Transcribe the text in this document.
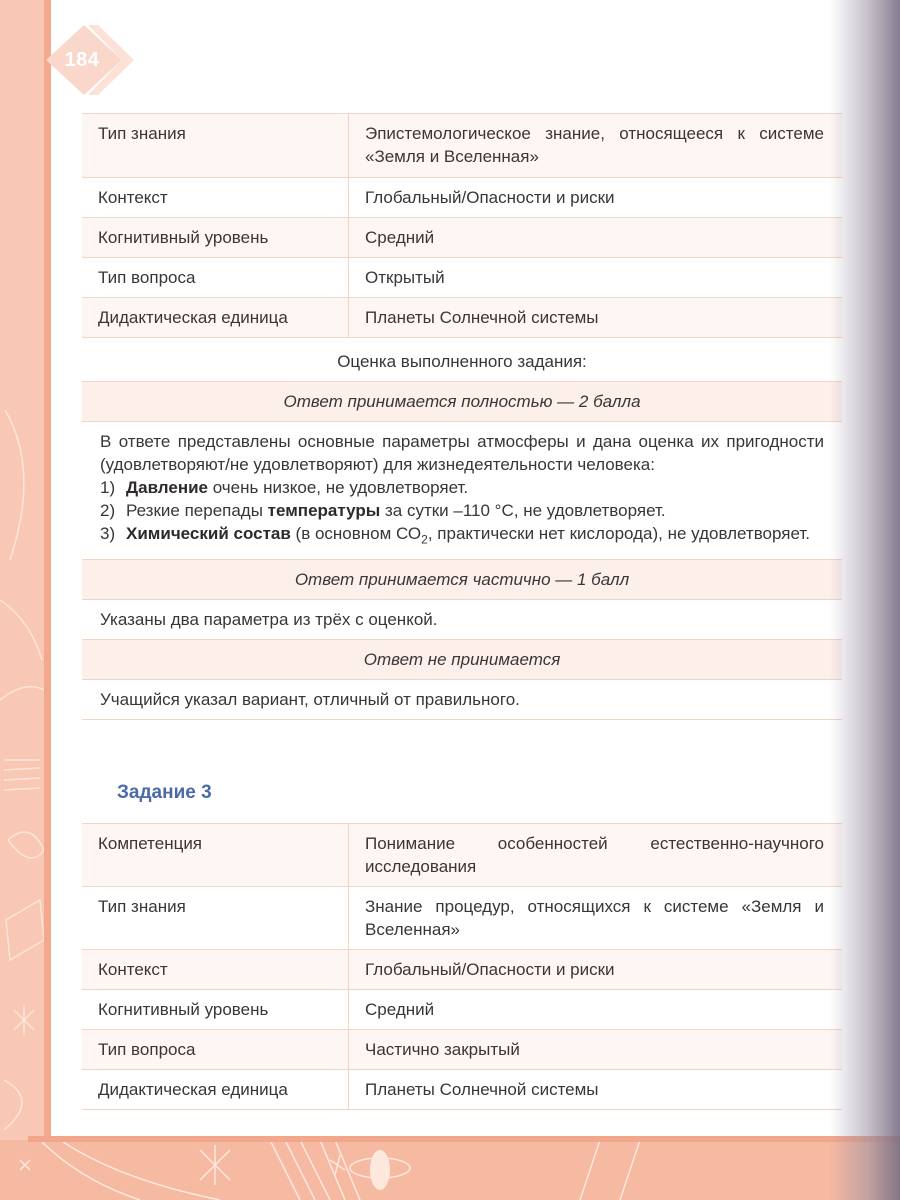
184
Тип знания	Эпистемологическое знание, относящееся к системе «Земля и Вселенная»
Контекст	Глобальный/Опасности и риски
Когнитивный уровень	Средний
Тип вопроса	Открытый
Дидактическая единица	Планеты Солнечной системы
Оценка выполненного задания:
Ответ принимается полностью — 2 балла

В ответе представлены основные параметры атмосферы и дана оценка их пригодности (удовлетворяют/не удовлетворяют) для жизнедеятельности человека:
1) Давление очень низкое, не удовлетворяет.
2) Резкие перепады температуры за сутки –110 °С, не удовлетворяет.
3) Химический состав (в основном $СО_2$, практически нет кислорода), не удовлетворяет.

Ответ принимается частично — 1 балл
Указаны два параметра из трёх с оценкой.
Ответ не принимается
Учащийся указал вариант, отличный от правильного.
Задание 3
Компетенция	Понимание особенностей естественно-научного исследования
Тип знания	Знание процедур, относящихся к системе «Земля и Вселенная»
Контекст	Глобальный/Опасности и риски
Когнитивный уровень	Средний
Тип вопроса	Частично закрытый
Дидактическая единица	Планеты Солнечной системы
